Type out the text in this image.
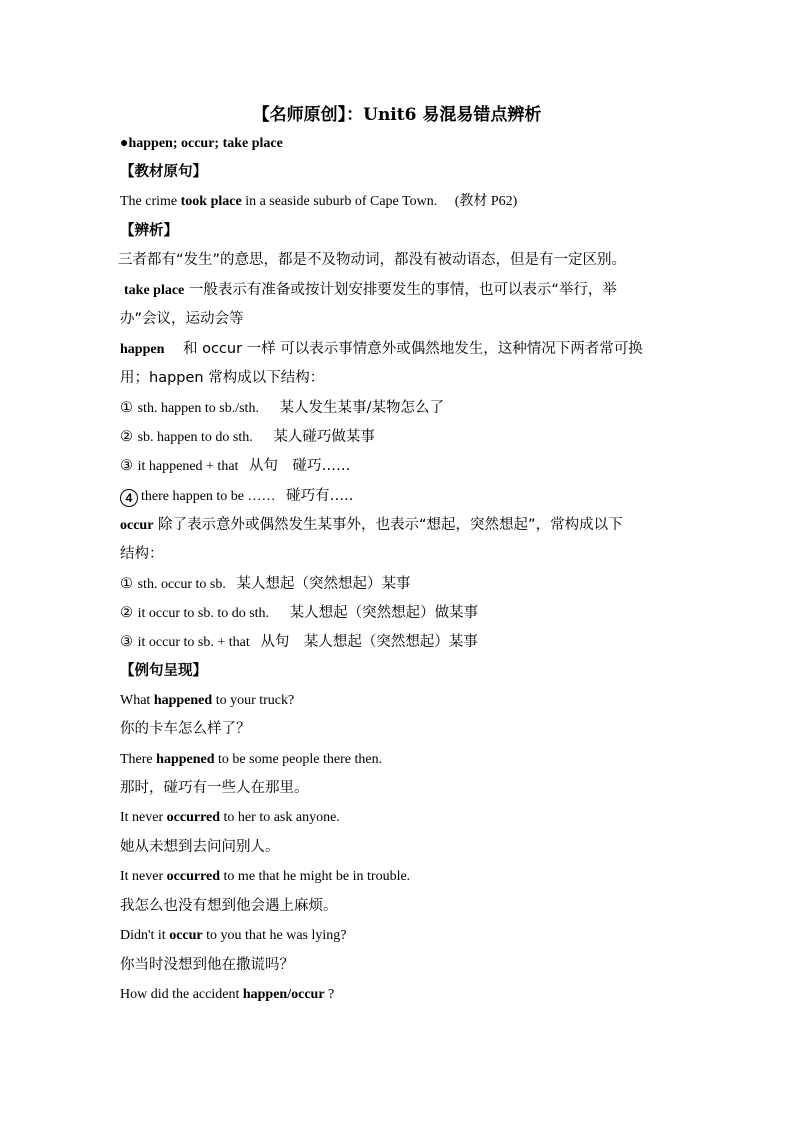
【名师原创】：Unit6 易混易错点辨析
●happen; occur; take place
【教材原句】
The crime took place in a seaside suburb of Cape Town. (教材 P62)
【辨析】
三者都有“发生”的意思，都是不及物动词，都没有被动语态，但是有一定区别。
take place 一般表示有准备或按计划安排要发生的事情，也可以表示“举行，举
办”会议，运动会等
happen 和 occur 一样 可以表示事情意外或偶然地发生，这种情况下两者常可换
用；happen 常构成以下结构：
① sth. happen to sb./sth. 某人发生某事/某物怎么了
② sb. happen to do sth. 某人碰巧做某事
③ it happened + that 从句　碰巧……
4 there happen to be …… 碰巧有…..
occur 除了表示意外或偶然发生某事外，也表示“想起，突然想起”，常构成以下
结构：
① sth. occur to sb. 某人想起（突然想起）某事
② it occur to sb. to do sth. 某人想起（突然想起）做某事
③ it occur to sb. + that 从句　某人想起（突然想起）某事
【例句呈现】
What happened to your truck?
你的卡车怎么样了？
There happened to be some people there then.
那时，碰巧有一些人在那里。
It never occurred to her to ask anyone.
她从未想到去问问别人。
It never occurred to me that he might be in trouble.
我怎么也没有想到他会遇上麻烦。
Didn't it occur to you that he was lying?
你当时没想到他在撒谎吗？
How did the accident happen/occur ?
